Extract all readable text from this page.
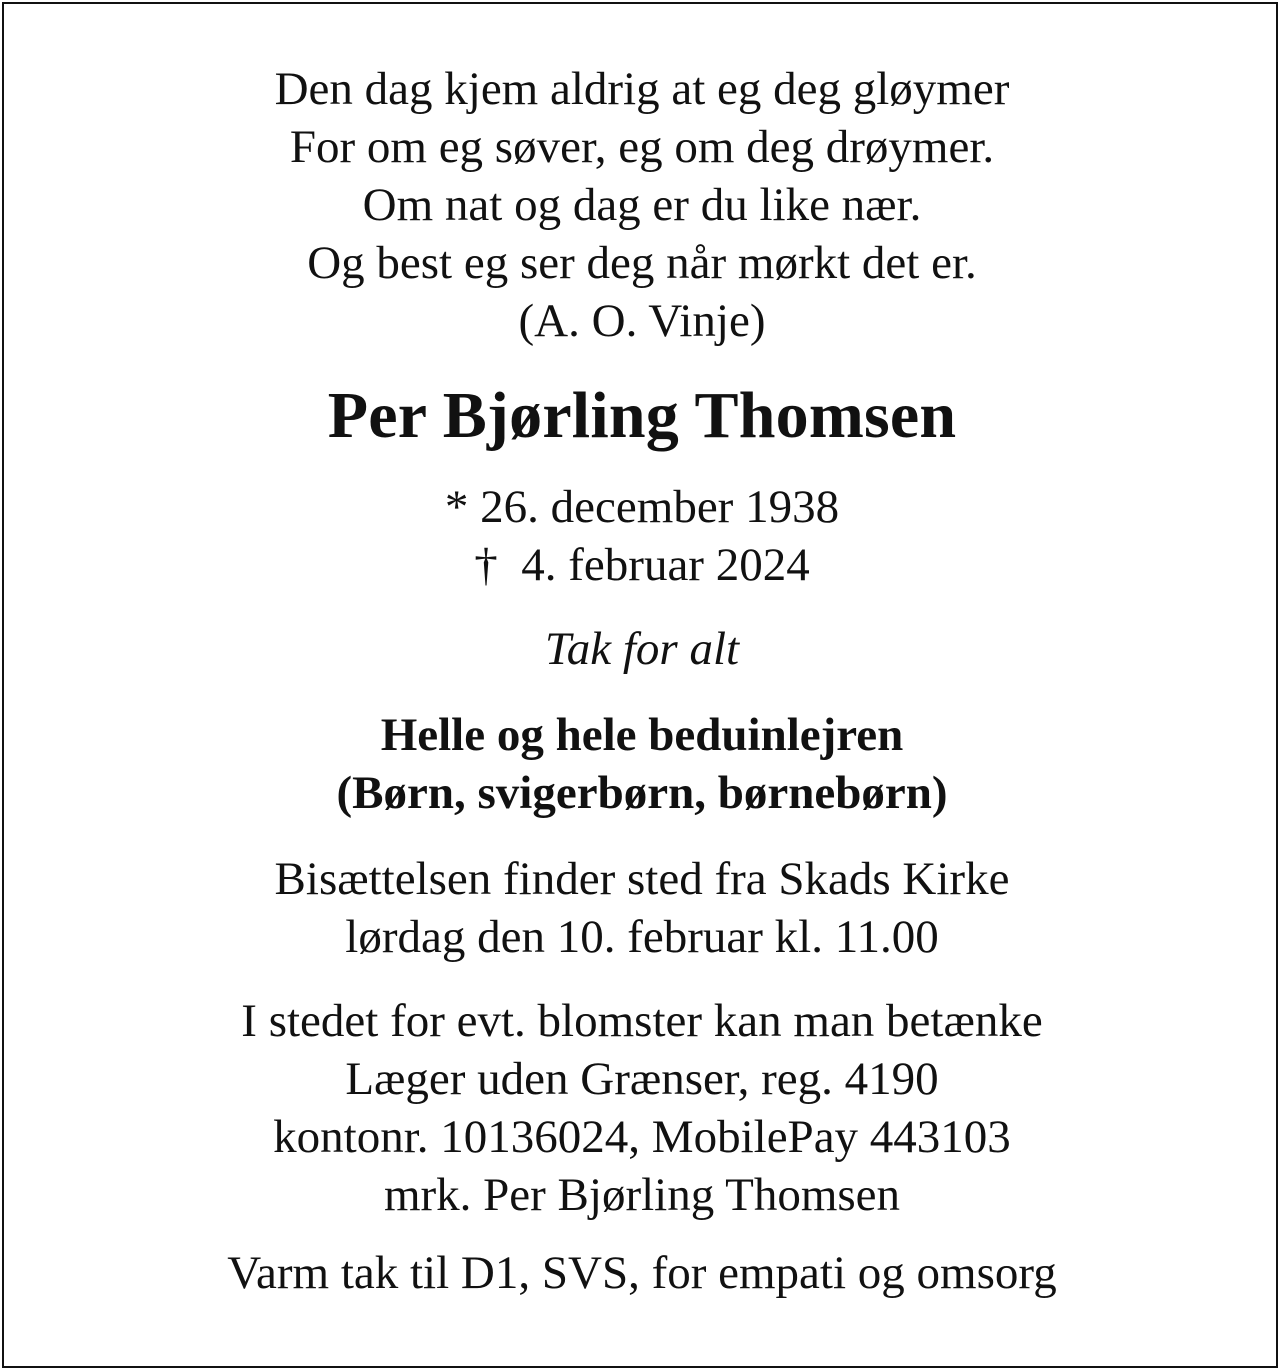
Den dag kjem aldrig at eg deg gløymer
For om eg søver, eg om deg drøymer.
Om nat og dag er du like nær.
Og best eg ser deg når mørkt det er.
(A. O. Vinje)
Per Bjørling Thomsen
* 26. december 1938
†  4. februar 2024
Tak for alt
Helle og hele beduinlejren
(Børn, svigerbørn, børnebørn)
Bisættelsen finder sted fra Skads Kirke
lørdag den 10. februar kl. 11.00
I stedet for evt. blomster kan man betænke
Læger uden Grænser, reg. 4190
kontonr. 10136024, MobilePay 443103
mrk. Per Bjørling Thomsen
Varm tak til D1, SVS, for empati og omsorg
